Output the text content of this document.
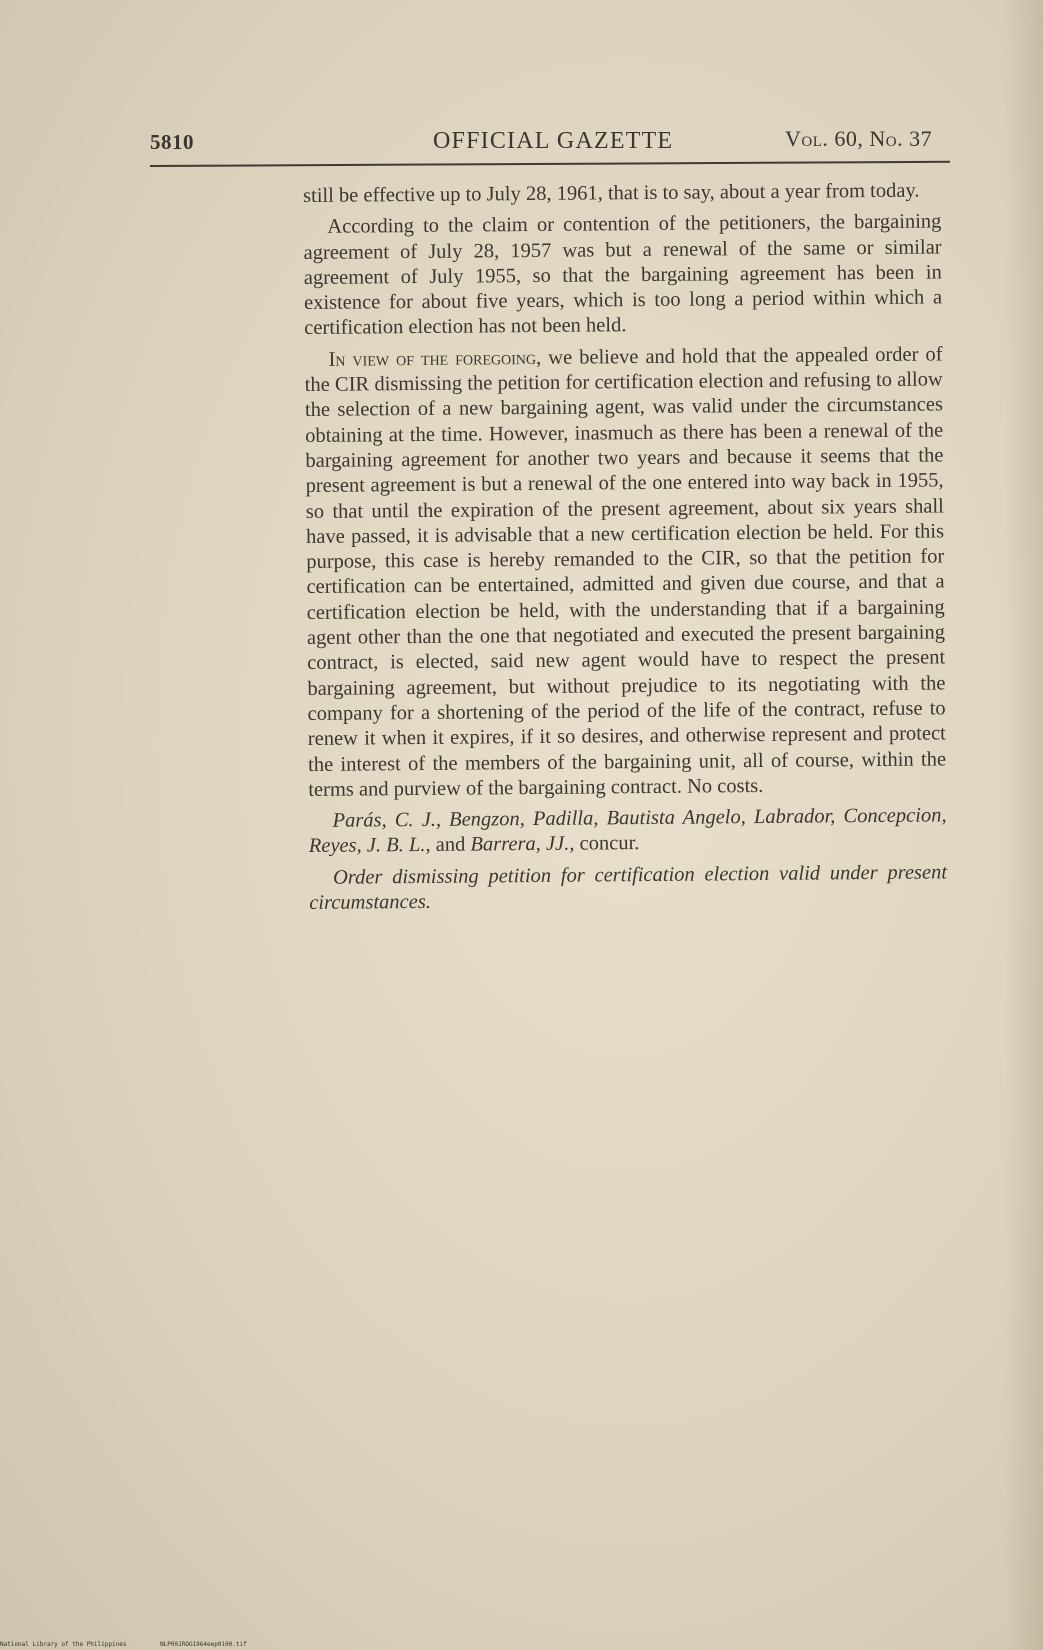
5810	OFFICIAL GAZETTE	Vol. 60, No. 37

still be effective up to July 28, 1961, that is to say, about a year from today.

According to the claim or contention of the petitioners, the bargaining agreement of July 28, 1957 was but a renewal of the same or similar agreement of July 1955, so that the bargaining agreement has been in existence for about five years, which is too long a period within which a certification election has not been held.

In view of the foregoing, we believe and hold that the appealed order of the CIR dismissing the petition for certification election and refusing to allow the selection of a new bargaining agent, was valid under the circumstances obtaining at the time. However, inasmuch as there has been a renewal of the bargaining agreement for another two years and because it seems that the present agreement is but a renewal of the one entered into way back in 1955, so that until the expiration of the present agreement, about six years shall have passed, it is advisable that a new certification election be held. For this purpose, this case is hereby remanded to the CIR, so that the petition for certification can be entertained, admitted and given due course, and that a certification election be held, with the understanding that if a bargaining agent other than the one that negotiated and executed the present bargaining contract, is elected, said new agent would have to respect the present bargaining agreement, but without prejudice to its negotiating with the company for a shortening of the period of the life of the contract, refuse to renew it when it expires, if it so desires, and otherwise represent and protect the interest of the members of the bargaining unit, all of course, within the terms and purview of the bargaining contract. No costs.

Parás, C. J., Bengzon, Padilla, Bautista Angelo, Labrador, Concepcion, Reyes, J. B. L., and Barrera, JJ., concur.

Order dismissing petition for certification election valid under present circumstances.

National Library of the Philippines	NLP00JROG1964eep0100.tif
